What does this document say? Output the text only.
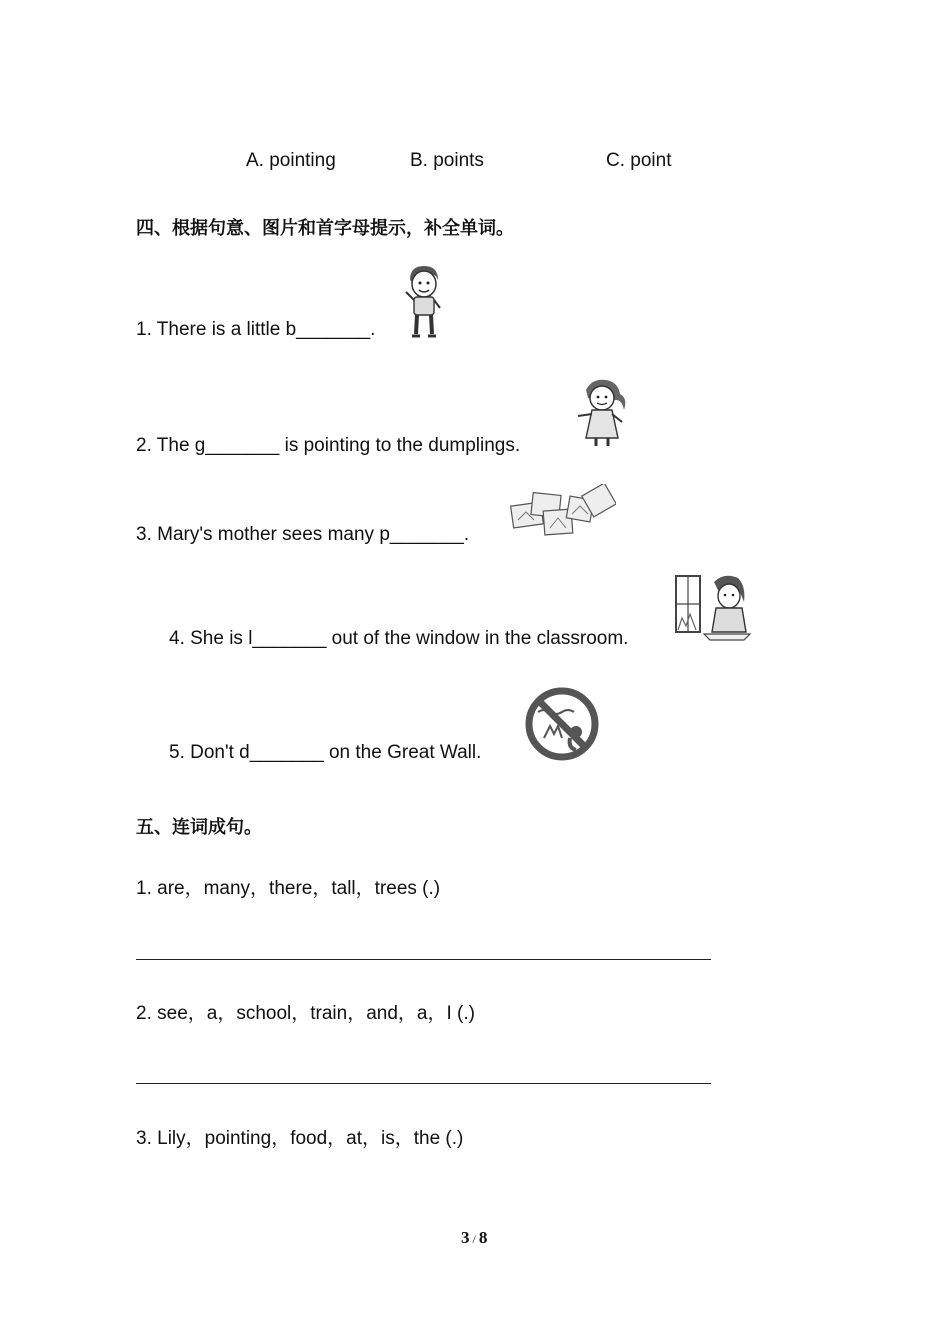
A. pointing	B. points	C. point
四、根据句意、图片和首字母提示，补全单词。
1. There is a little b_______.
2. The g_______ is pointing to the dumplings.
3. Mary's mother sees many p_______.
4. She is l_______ out of the window in the classroom.
5. Don't d_______ on the Great Wall.
五、连词成句。
1. are，many，there，tall，trees (.)
2. see，a，school，train，and，a，I (.)
3. Lily，pointing，food，at，is，the (.)
3 / 8
